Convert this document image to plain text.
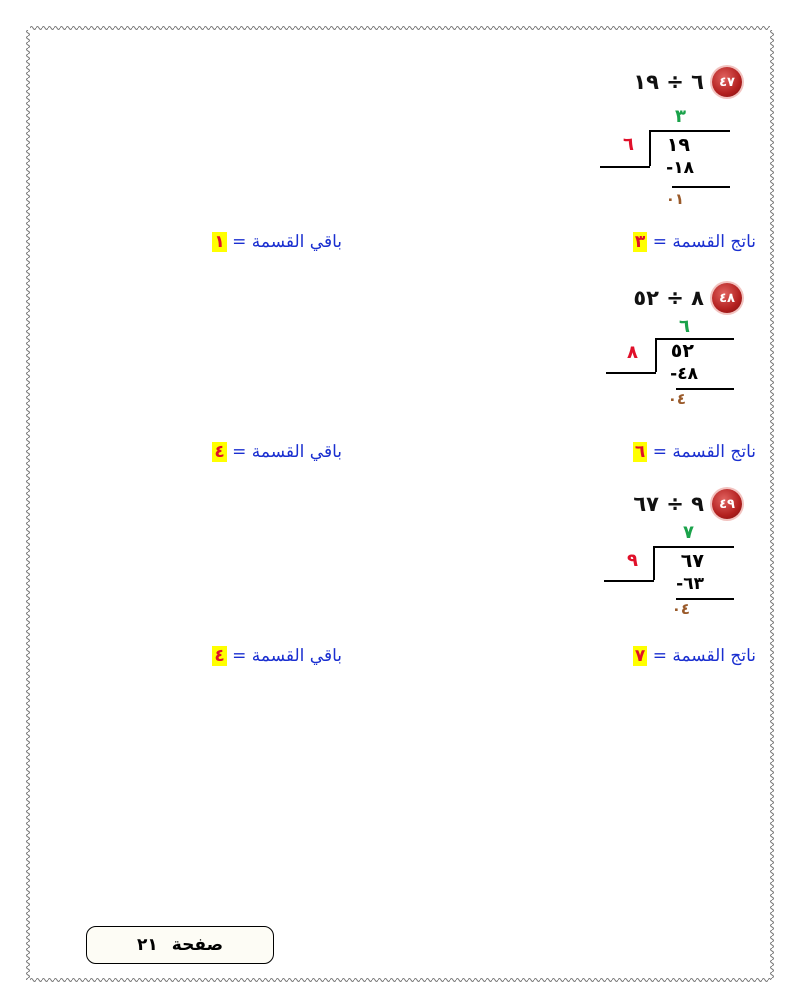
٤٧
٦ ÷ ١٩
٣
٦ ١٩
١٨-
٠١
ناتج القسمة = ٣
باقي القسمة = ١
٤٨
٨ ÷ ٥٢
٦
٨ ٥٢
٤٨-
٠٤
ناتج القسمة = ٦
باقي القسمة = ٤
٤٩
٩ ÷ ٦٧
٧
٩ ٦٧
٦٣-
٠٤
ناتج القسمة = ٧
باقي القسمة = ٤
صفحة
٢١
